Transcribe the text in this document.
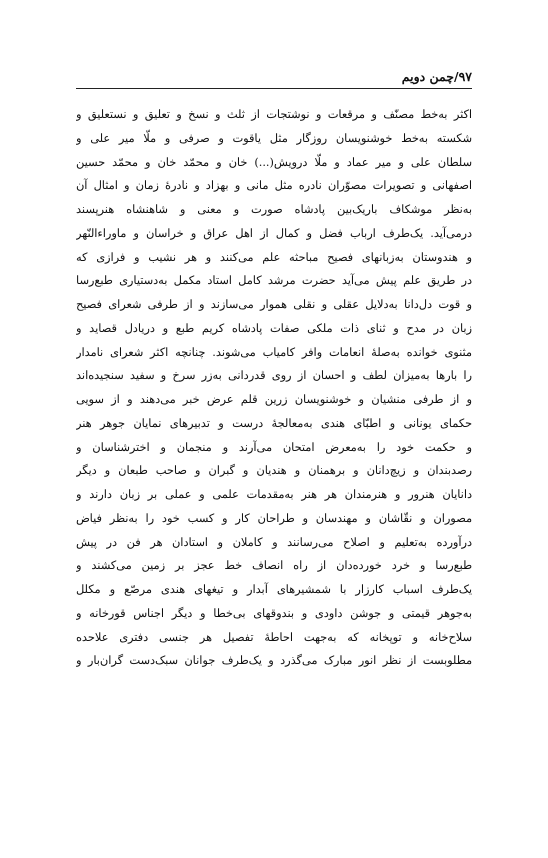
۹۷/چمن دویم
اکثر به‌خط مصنّف و مرقعات و نوشتجات از ثلث و نسخ و تعلیق و نستعلیق و
شکسته به‌خط خوشنویسان روزگار مثل یاقوت و صرفی و ملّا میر علی و
سلطان علی و میر عماد و ملّا درویش(...) خان و محمّد خان و محمّد حسین
اصفهانی و تصویرات مصوّران نادره مثل مانی و بهزاد و نادرهٔ زمان و امثال آن
به‌نظر موشکاف باریک‌بین پادشاه صورت و معنی و شاهنشاه هنرپسند
درمی‌آید. یک‌طرف ارباب فضل و کمال از اهل عراق و خراسان و ماوراءالنّهر
و هندوستان به‌زبانهای فصیح مباحثه علم می‌کنند و هر نشیب و فرازی که
در طریق علم پیش می‌آید حضرت مرشد کامل استاد مکمل به‌دستیاری طبع‌رسا
و قوت دل‌دانا به‌دلایل عقلی و نقلی هموار می‌سازند و از طرفی شعرای فصیح
زبان در مدح و ثنای ذات ملکی صفات پادشاه کریم طبع و دریادل قصاید و
مثنوی خوانده به‌صلهٔ انعامات وافر کامیاب می‌شوند. چنانچه اکثر شعرای نامدار
را بارها به‌میزان لطف و احسان از روی قدردانی به‌زر سرخ و سفید سنجیده‌اند
و از طرفی منشیان و خوشنویسان زرین قلم عرض خبر می‌دهند و از سویی
حکمای یونانی و اطبّای هندی به‌معالجهٔ درست و تدبیرهای نمایان جوهر هنر
و حکمت خود را به‌معرض امتحان می‌آرند و منجمان و اخترشناسان و
رصدبندان و زیچ‌دانان و برهمنان و هندیان و گبران و صاحب طبعان و دیگر
دانایان هنرور و هنرمندان هر هنر به‌مقدمات علمی و عملی بر زبان دارند و
مصوران و نقّاشان و مهندسان و طراحان کار و کسب خود را به‌نظر فیاض
درآورده به‌تعلیم و اصلاح می‌رسانند و کاملان و استادان هر فن در پیش
طبع‌رسا و خرد خورده‌دان از راه انصاف خط عجز بر زمین می‌کشند و
یک‌طرف اسباب کارزار با شمشیرهای آبدار و تیغهای هندی مرصّع و مکلل
به‌جوهر قیمتی و جوشن داودی و بندوقهای بی‌خطا و دیگر اجناس قورخانه و
سلاح‌خانه و توپخانه که به‌جهت احاطهٔ تفصیل هر جنسی دفتری علاحده
مطلوبست از نظر انور مبارک می‌گذرد و یک‌طرف جوانان سبک‌دست گران‌بار و
